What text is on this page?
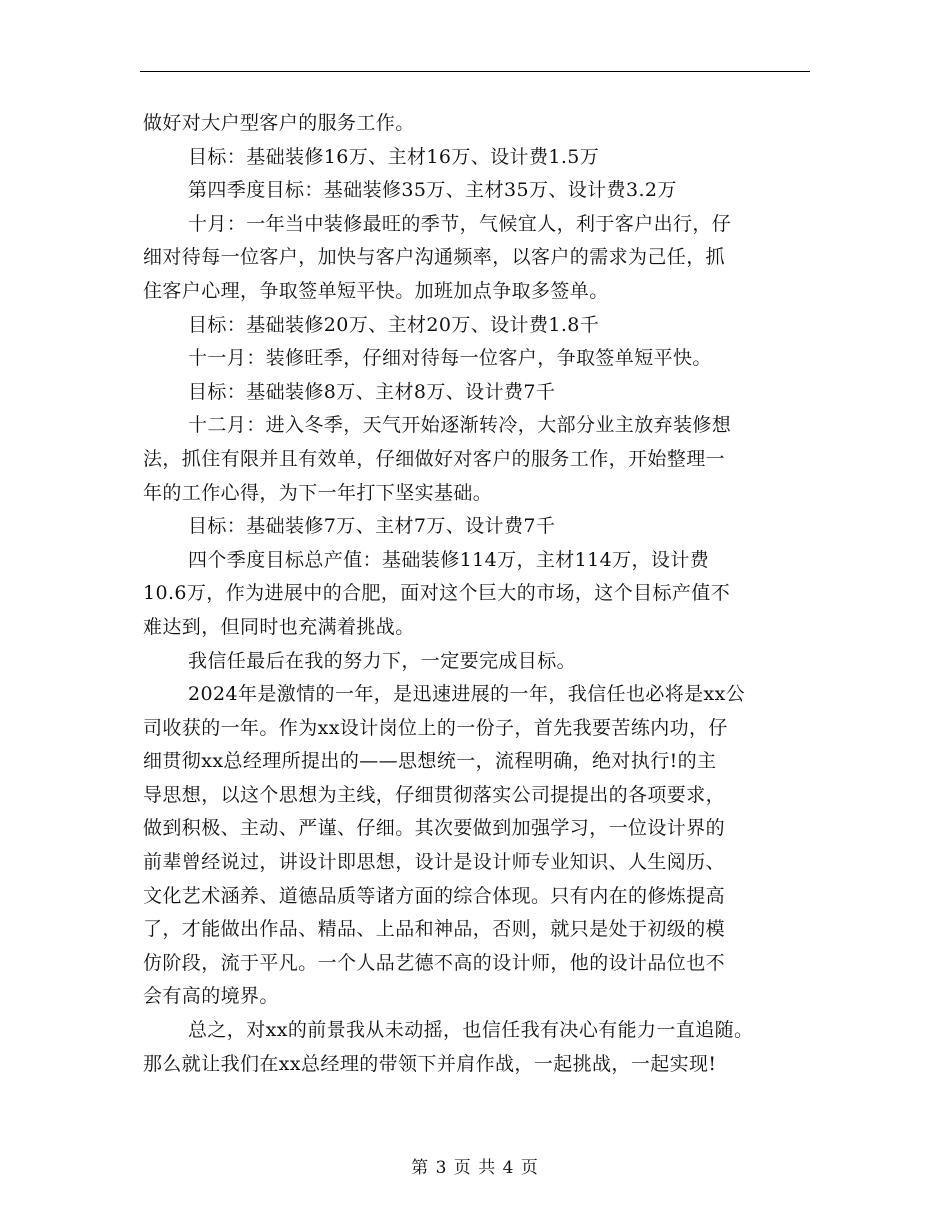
做好对大户型客户的服务工作。
目标：基础装修16万、主材16万、设计费1.5万
第四季度目标：基础装修35万、主材35万、设计费3.2万
十月：一年当中装修最旺的季节，气候宜人，利于客户出行，仔
细对待每一位客户，加快与客户沟通频率，以客户的需求为己任，抓
住客户心理，争取签单短平快。加班加点争取多签单。
目标：基础装修20万、主材20万、设计费1.8千
十一月：装修旺季，仔细对待每一位客户，争取签单短平快。
目标：基础装修8万、主材8万、设计费7千
十二月：进入冬季，天气开始逐渐转冷，大部分业主放弃装修想
法，抓住有限并且有效单，仔细做好对客户的服务工作，开始整理一
年的工作心得，为下一年打下坚实基础。
目标：基础装修7万、主材7万、设计费7千
四个季度目标总产值：基础装修114万，主材114万，设计费
10.6万，作为进展中的合肥，面对这个巨大的市场，这个目标产值不
难达到，但同时也充满着挑战。
我信任最后在我的努力下，一定要完成目标。
2024年是激情的一年，是迅速进展的一年，我信任也必将是xx公
司收获的一年。作为xx设计岗位上的一份子，首先我要苦练内功，仔
细贯彻xx总经理所提出的——思想统一，流程明确，绝对执行!的主
导思想，以这个思想为主线，仔细贯彻落实公司提提出的各项要求，
做到积极、主动、严谨、仔细。其次要做到加强学习，一位设计界的
前辈曾经说过，讲设计即思想，设计是设计师专业知识、人生阅历、
文化艺术涵养、道德品质等诸方面的综合体现。只有内在的修炼提高
了，才能做出作品、精品、上品和神品，否则，就只是处于初级的模
仿阶段，流于平凡。一个人品艺德不高的设计师，他的设计品位也不
会有高的境界。
总之，对xx的前景我从未动摇，也信任我有决心有能力一直追随。
那么就让我们在xx总经理的带领下并肩作战，一起挑战，一起实现!
第 3 页 共 4 页
